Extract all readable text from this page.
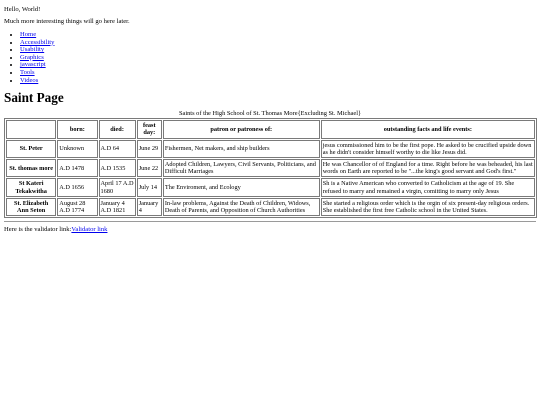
Hello, World!

Much more interesting things will go here later.

• Home
• Accessibility
• Usability
• Graphics
• javascript
• Tools
• Videos
Saint Page
Saints of the High School of St. Thomas More{Excluding St. Michael}
	born:	died:	feast day:	patron or patroness of:	outstanding facts and life events:
St. Peter	Unknown	A.D 64	June 29	Fishermen, Net makers, and ship builders	jesus commissioned him to be the first pope. He asked to be crucified upside down as he didn't consider himself worthy to die like Jesus did.
St. thomas more	A.D 1478	A.D 1535	June 22	Adopted Children, Lawyers, Civil Servants, Politicians, and Difficult Marriages	He was Chancellor of of England for a time. Right before he was beheaded, his last words on Earth are reported to be "...the king's good servant and God's first."
St Kateri Tekakwitha	A.D 1656	April 17 A.D 1680	July 14	The Enviroment, and Ecology	Sh is a Native American who converted to Catholicism at the age of 19. She refused to marry and remained a virgin, comitting to marry only Jesus
St. Elizabeth Ann Seton	August 28 A.D 1774	January 4 A.D 1821	January 4	In-law problems, Against the Death of Children, Widows, Death of Parents, and Opposition of Church Authorities	She started a religious order which is the orgin of six present-day religious orders. She established the first free Catholic school in the United States.

Here is the validator link:Validator link
